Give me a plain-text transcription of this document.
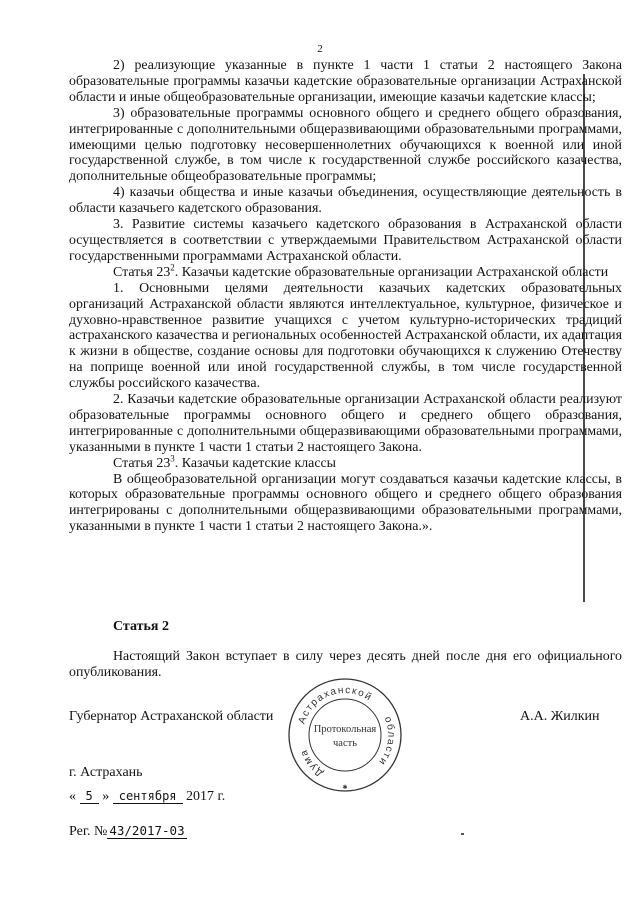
2

2) реализующие указанные в пункте 1 части 1 статьи 2 настоящего Закона образовательные программы казачьи кадетские образовательные организации Астраханской области и иные общеобразовательные организации, имеющие казачьи кадетские классы;

3) образовательные программы основного общего и среднего общего образования, интегрированные с дополнительными общеразвивающими образовательными программами, имеющими целью подготовку несовершеннолетних обучающихся к военной или иной государственной службе, в том числе к государственной службе российского казачества, дополнительные общеобразовательные программы;

4) казачьи общества и иные казачьи объединения, осуществляющие деятельность в области казачьего кадетского образования.

3. Развитие системы казачьего кадетского образования в Астраханской области осуществляется в соответствии с утверждаемыми Правительством Астраханской области государственными программами Астраханской области.

Статья $23^2$. Казачьи кадетские образовательные организации Астраханской области

1. Основными целями деятельности казачьих кадетских образовательных организаций Астраханской области являются интеллектуальное, культурное, физическое и духовно-нравственное развитие учащихся с учетом культурно-исторических традиций астраханского казачества и региональных особенностей Астраханской области, их адаптация к жизни в обществе, создание основы для подготовки обучающихся к служению Отечеству на поприще военной или иной государственной службы, в том числе государственной службы российского казачества.

2. Казачьи кадетские образовательные организации Астраханской области реализуют образовательные программы основного общего и среднего общего образования, интегрированные с дополнительными общеразвивающими образовательными программами, указанными в пункте 1 части 1 статьи 2 настоящего Закона.

Статья $23^3$. Казачьи кадетские классы

В общеобразовательной организации могут создаваться казачьи кадетские классы, в которых образовательные программы основного общего и среднего общего образования интегрированы с дополнительными общеразвивающими образовательными программами, указанными в пункте 1 части 1 статьи 2 настоящего Закона.».

Статья 2

Настоящий Закон вступает в силу через десять дней после дня его официального опубликования.

Губернатор Астраханской области	А.А. Жилкин
Астраханской
области
Дума
Протокольная
часть
✱
г. Астрахань
« 5 » сентября 2017 г.
Рег. № 43/2017-03
